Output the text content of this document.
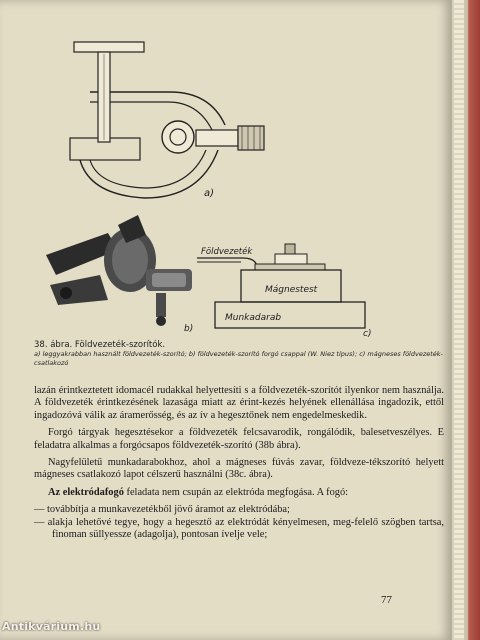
a)
b)
Földvezeték
Mágnestest
Munkadarab
c)
38. ábra. Földvezeték-szorítók.
a) leggyakrabban használt földvezeték-szorító; b) földvezeték-szorító forgó csappal (W. Niez típus); c) mágneses földvezeték-csatlakozó

lazán érintkeztetett idomacél rudakkal helyettesíti s a földvezeték-szorítót ilyenkor nem használja. A földvezeték érintkezésének lazasága miatt az érint-kezés helyének ellenállása ingadozik, ettől ingadozóvá válik az áramerősség, és az ív a hegesztőnek nem engedelmeskedik.

Forgó tárgyak hegesztésekor a földvezeték felcsavarodik, rongálódik, balesetveszélyes. E feladatra alkalmas a forgócsapos földvezeték-szorító (38b ábra).

Nagyfelületű munkadarabokhoz, ahol a mágneses fúvás zavar, földveze-tékszorító helyett mágneses csatlakozó lapot célszerű használni (38c. ábra).

Az elektródafogó feladata nem csupán az elektróda megfogása. A fogó:

— továbbítja a munkavezetékből jövő áramot az elektródába;
— alakja lehetővé tegye, hogy a hegesztő az elektródát kényelmesen, meg-felelő szögben tartsa, finoman süllyessze (adagolja), pontosan ívelje vele;
77
Antikvárium.hu
